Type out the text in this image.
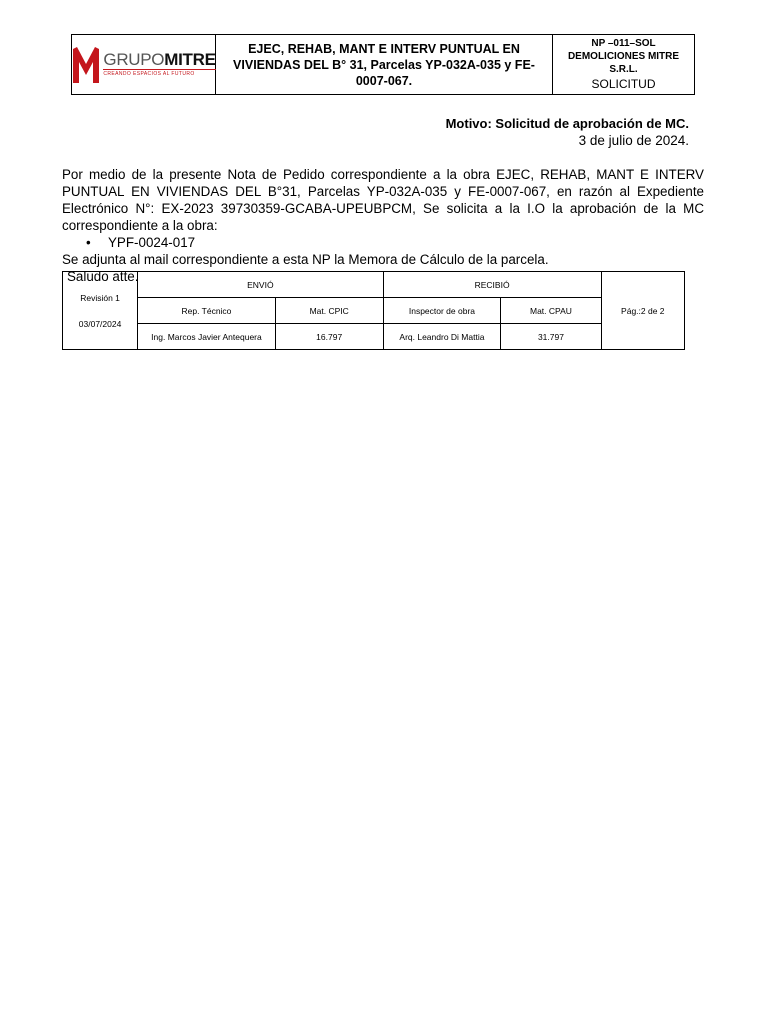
GRUPOMITRE
CREANDO ESPACIOS AL FUTURO
EJEC, REHAB, MANT E INTERV PUNTUAL EN VIVIENDAS DEL B° 31, Parcelas YP-032A-035 y FE-0007-067.
NP –011–SOL DEMOLICIONES MITRE S.R.L.
SOLICITUD
Motivo: Solicitud de aprobación de MC.
3 de julio de 2024.

Por medio de la presente Nota de Pedido correspondiente a la obra EJEC, REHAB, MANT E INTERV PUNTUAL EN VIVIENDAS DEL B°31, Parcelas YP-032A-035 y FE-0007-067, en razón al Expediente Electrónico N°: EX-2023 39730359-GCABA-UPEUBPCM, Se solicita a la I.O la aprobación de la MC correspondiente a la obra:

• YPF-0024-017

Se adjunta al mail correspondiente a esta NP la Memora de Cálculo de la parcela.

Saludo atte.

Revisión 1
03/07/2024	ENVIÓ		RECIBIÓ		Pág.:2 de 2
	Rep. Técnico	Mat. CPIC	Inspector de obra	Mat. CPAU	
	Ing. Marcos Javier Antequera	16.797	Arq. Leandro Di Mattia	31.797	
